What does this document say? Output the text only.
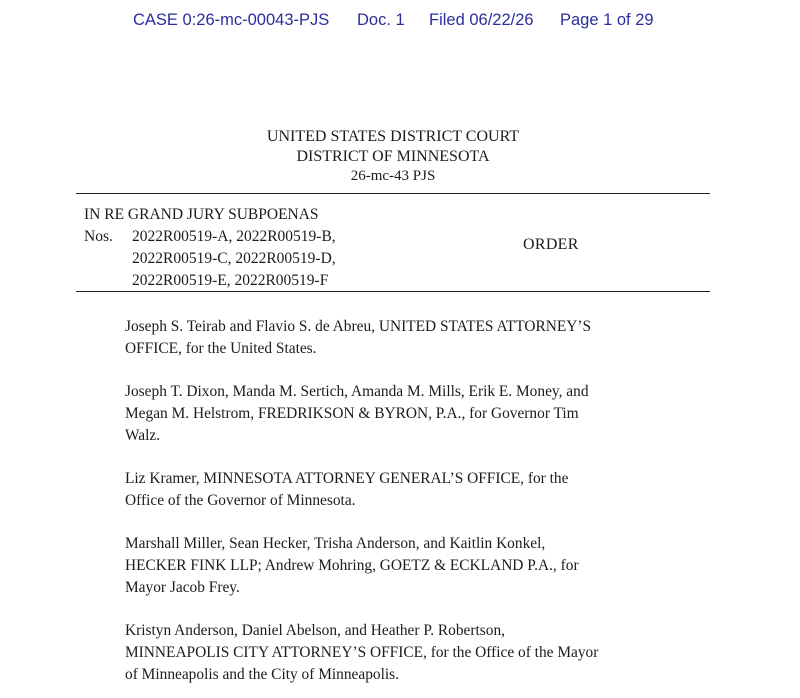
CASE 0:26-mc-00043-PJS Doc. 1 Filed 06/22/26 Page 1 of 29
UNITED STATES DISTRICT COURT
DISTRICT OF MINNESOTA
26-mc-43 PJS
IN RE GRAND JURY SUBPOENAS
Nos.	2022R00519-A, 2022R00519-B,
2022R00519-C, 2022R00519-D,
2022R00519-E, 2022R00519-F
ORDER

Joseph S. Teirab and Flavio S. de Abreu, UNITED STATES ATTORNEY’S

OFFICE, for the United States.

Joseph T. Dixon, Manda M. Sertich, Amanda M. Mills, Erik E. Money, and

Megan M. Helstrom, FREDRIKSON & BYRON, P.A., for Governor Tim

Walz.

Liz Kramer, MINNESOTA ATTORNEY GENERAL’S OFFICE, for the

Office of the Governor of Minnesota.

Marshall Miller, Sean Hecker, Trisha Anderson, and Kaitlin Konkel,

HECKER FINK LLP; Andrew Mohring, GOETZ & ECKLAND P.A., for

Mayor Jacob Frey.

Kristyn Anderson, Daniel Abelson, and Heather P. Robertson,

MINNEAPOLIS CITY ATTORNEY’S OFFICE, for the Office of the Mayor

of Minneapolis and the City of Minneapolis.
